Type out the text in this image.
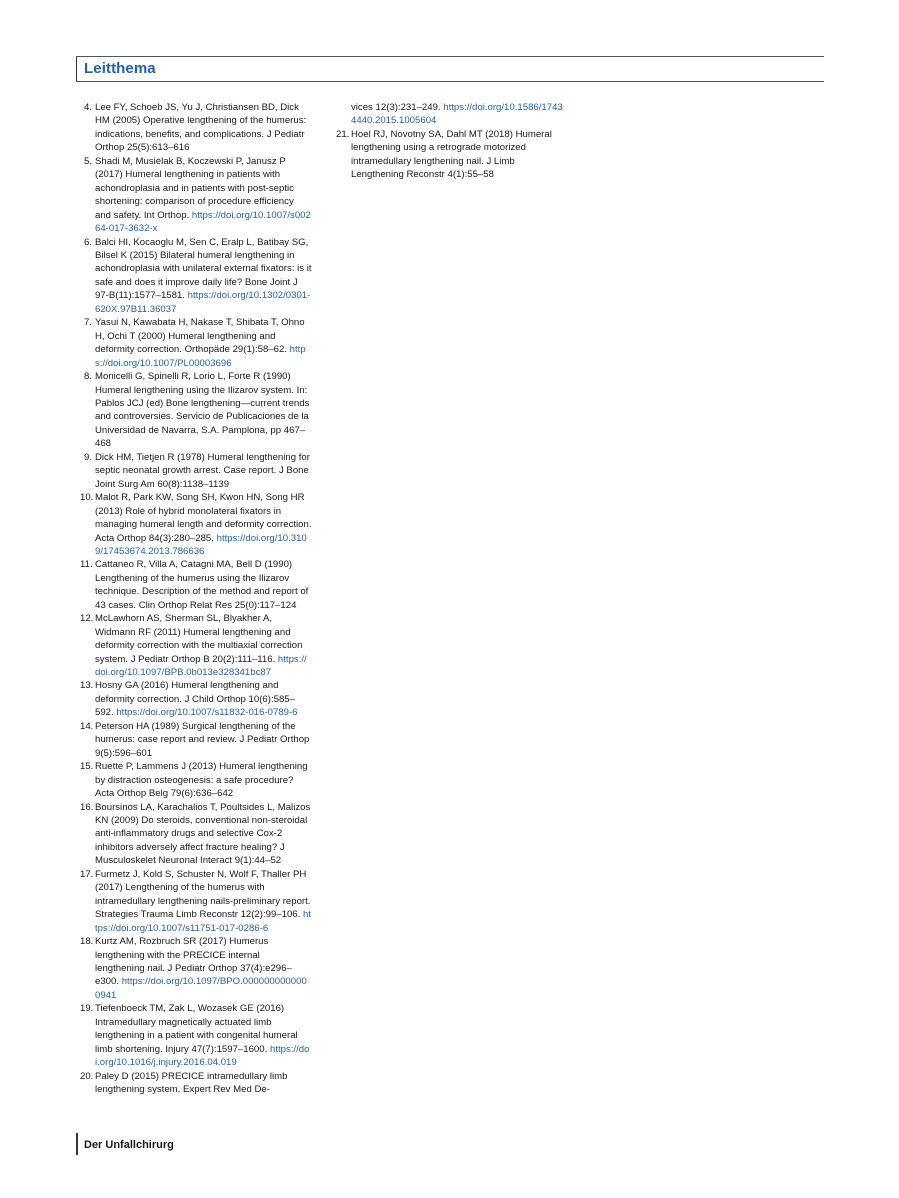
Leitthema

4. Lee FY, Schoeb JS, Yu J, Christiansen BD, Dick HM (2005) Operative lengthening of the humerus: indications, benefits, and complications. J Pediatr Orthop 25(5):613–616

5. Shadi M, Musielak B, Koczewski P, Janusz P (2017) Humeral lengthening in patients with achondroplasia and in patients with post-septic shortening: comparison of procedure efficiency and safety. Int Orthop. https://doi.org/10.1007/s00264-017-3632-x

6. Balci HI, Kocaoglu M, Sen C, Eralp L, Batibay SG, Bilsel K (2015) Bilateral humeral lengthening in achondroplasia with unilateral external fixators: is it safe and does it improve daily life? Bone Joint J 97-B(11):1577–1581. https://doi.org/10.1302/0301-620X.97B11.36037

7. Yasui N, Kawabata H, Nakase T, Shibata T, Ohno H, Ochi T (2000) Humeral lengthening and deformity correction. Orthopäde 29(1):58–62. https://doi.org/10.1007/PL00003696

8. Monicelli G, Spinelli R, Lorio L, Forte R (1990) Humeral lengthening using the Ilizarov system. In: Pablos JCJ (ed) Bone lengthening—current trends and controversies. Servicio de Publicaciones de la Universidad de Navarra, S.A. Pamplona, pp 467–468

9. Dick HM, Tietjen R (1978) Humeral lengthening for septic neonatal growth arrest. Case report. J Bone Joint Surg Am 60(8):1138–1139

10. Malot R, Park KW, Song SH, Kwon HN, Song HR (2013) Role of hybrid monolateral fixators in managing humeral length and deformity correction. Acta Orthop 84(3):280–285. https://doi.org/10.3109/17453674.2013.786636

11. Cattaneo R, Villa A, Catagni MA, Bell D (1990) Lengthening of the humerus using the Ilizarov technique. Description of the method and report of 43 cases. Clin Orthop Relat Res 25(0):117–124

12. McLawhorn AS, Sherman SL, Blyakher A, Widmann RF (2011) Humeral lengthening and deformity correction with the multiaxial correction system. J Pediatr Orthop B 20(2):111–116. https://doi.org/10.1097/BPB.0b013e328341bc87

13. Hosny GA (2016) Humeral lengthening and deformity correction. J Child Orthop 10(6):585–592. https://doi.org/10.1007/s11832-016-0789-6

14. Peterson HA (1989) Surgical lengthening of the humerus: case report and review. J Pediatr Orthop 9(5):596–601

15. Ruette P, Lammens J (2013) Humeral lengthening by distraction osteogenesis: a safe procedure? Acta Orthop Belg 79(6):636–642

16. Boursinos LA, Karachalios T, Poultsides L, Malizos KN (2009) Do steroids, conventional non-steroidal anti-inflammatory drugs and selective Cox-2 inhibitors adversely affect fracture healing? J Musculoskelet Neuronal Interact 9(1):44–52

17. Furmetz J, Kold S, Schuster N, Wolf F, Thaller PH (2017) Lengthening of the humerus with intramedullary lengthening nails-preliminary report. Strategies Trauma Limb Reconstr 12(2):99–106. https://doi.org/10.1007/s11751-017-0286-6

18. Kurtz AM, Rozbruch SR (2017) Humerus lengthening with the PRECICE internal lengthening nail. J Pediatr Orthop 37(4):e296–e300. https://doi.org/10.1097/BPO.0000000000000941

19. Tiefenboeck TM, Zak L, Wozasek GE (2016) Intramedullary magnetically actuated limb lengthening in a patient with congenital humeral limb shortening. Injury 47(7):1597–1600. https://doi.org/10.1016/j.injury.2016.04.019

20. Paley D (2015) PRECICE intramedullary limb lengthening system. Expert Rev Med De-

vices 12(3):231–249. https://doi.org/10.1586/17434440.2015.1005604

21. Hoel RJ, Novotny SA, Dahl MT (2018) Humeral lengthening using a retrograde motorized intramedullary lengthening nail. J Limb Lengthening Reconstr 4(1):55–58

Der Unfallchirurg
